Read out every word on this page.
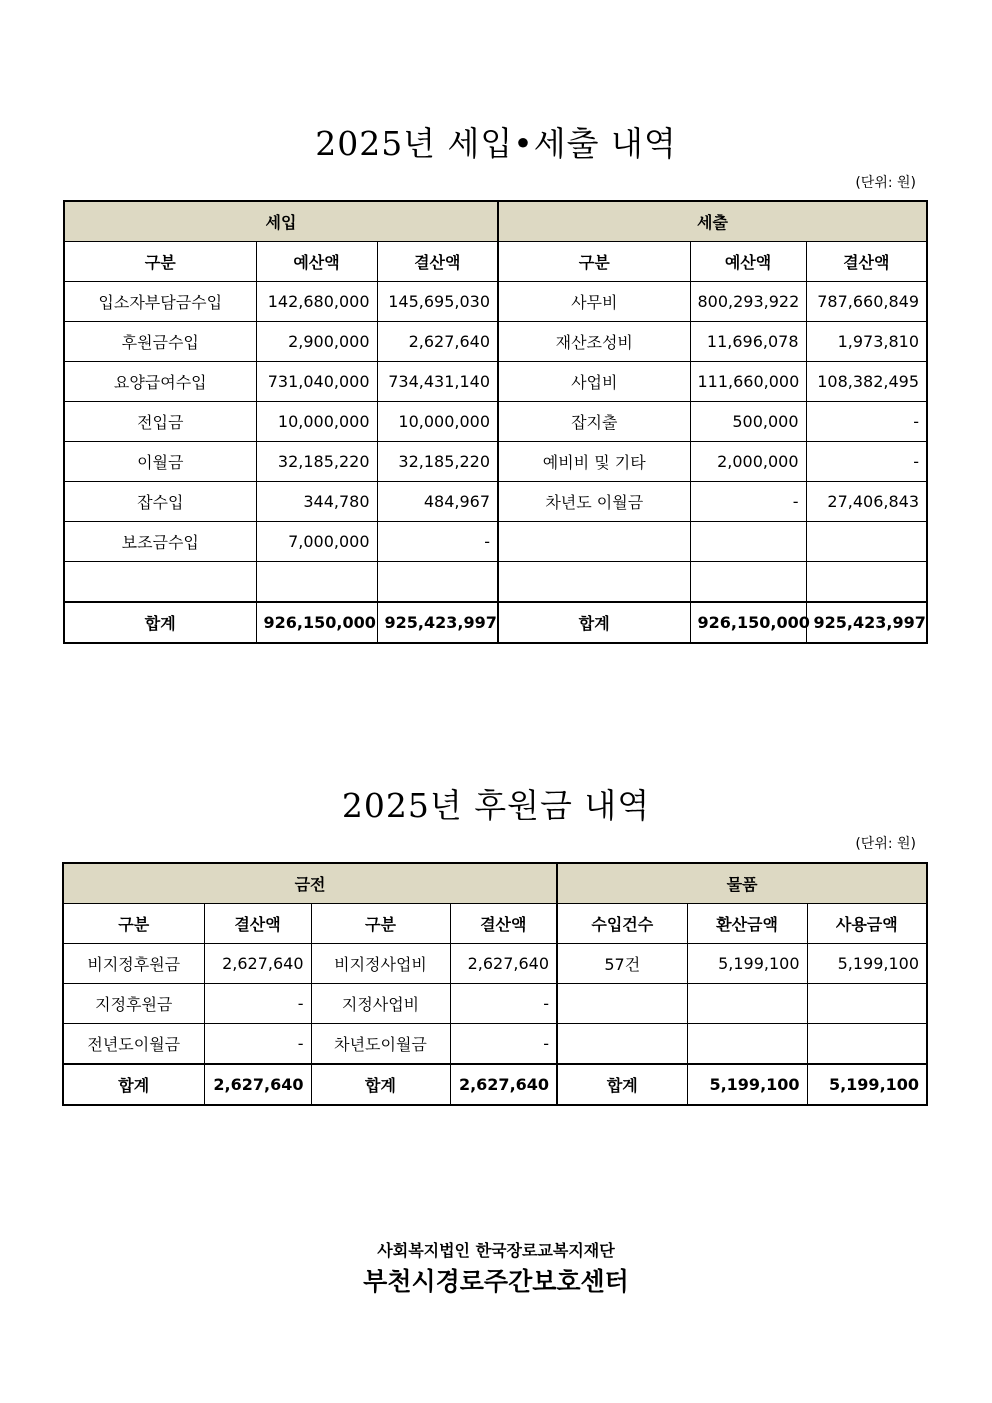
2025년 세입•세출 내역
(단위: 원)
세입			세출		
구분	예산액	결산액	구분	예산액	결산액
입소자부담금수입	142,680,000	145,695,030	사무비	800,293,922	787,660,849
후원금수입	2,900,000	2,627,640	재산조성비	11,696,078	1,973,810
요양급여수입	731,040,000	734,431,140	사업비	111,660,000	108,382,495
전입금	10,000,000	10,000,000	잡지출	500,000	-
이월금	32,185,220	32,185,220	예비비 및 기타	2,000,000	-
잡수입	344,780	484,967	차년도 이월금	-	27,406,843
보조금수입	7,000,000	-			

합계	926,150,000	925,423,997	합계	926,150,000	925,423,997
2025년 후원금 내역
(단위: 원)
금전				물품		
구분	결산액	구분	결산액	수입건수	환산금액	사용금액
비지정후원금	2,627,640	비지정사업비	2,627,640	57건	5,199,100	5,199,100
지정후원금	-	지정사업비	-			
전년도이월금	-	차년도이월금	-			
합계	2,627,640	합계	2,627,640	합계	5,199,100	5,199,100
사회복지법인 한국장로교복지재단
부천시경로주간보호센터
